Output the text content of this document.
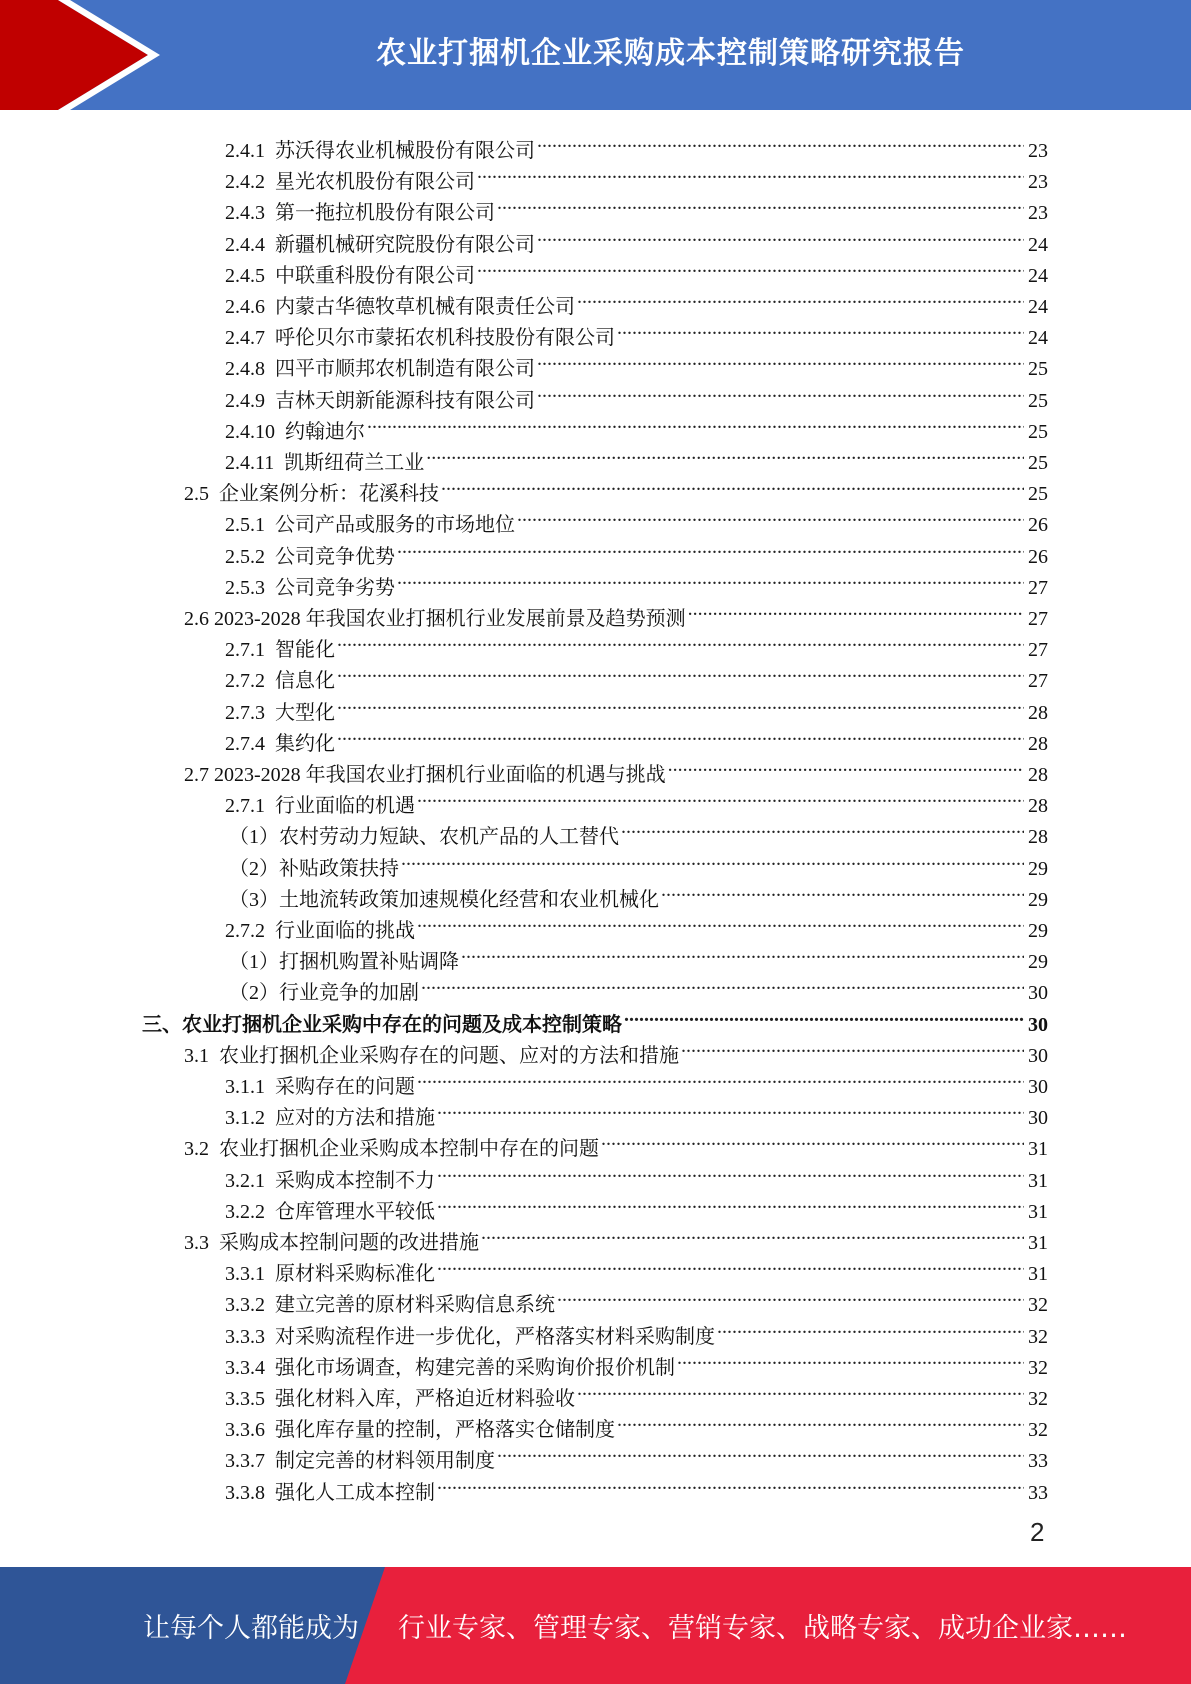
农业打捆机企业采购成本控制策略研究报告
2.4.1 苏沃得农业机械股份有限公司 .....	23
2.4.2 星光农机股份有限公司 .....	23
2.4.3 第一拖拉机股份有限公司 .....	23
2.4.4 新疆机械研究院股份有限公司 .....	24
2.4.5 中联重科股份有限公司 .....	24
2.4.6 内蒙古华德牧草机械有限责任公司 .....	24
2.4.7 呼伦贝尔市蒙拓农机科技股份有限公司 .....	24
2.4.8 四平市顺邦农机制造有限公司 .....	25
2.4.9 吉林天朗新能源科技有限公司 .....	25
2.4.10 约翰迪尔 .....	25
2.4.11 凯斯纽荷兰工业 .....	25
2.5 企业案例分析：花溪科技 .....	25
2.5.1 公司产品或服务的市场地位 .....	26
2.5.2 公司竞争优势 .....	26
2.5.3 公司竞争劣势 .....	27
2.6 2023-2028 年我国农业打捆机行业发展前景及趋势预测 .....	27
2.7.1 智能化 .....	27
2.7.2 信息化 .....	27
2.7.3 大型化 .....	28
2.7.4 集约化 .....	28
2.7 2023-2028 年我国农业打捆机行业面临的机遇与挑战 .....	28
2.7.1 行业面临的机遇 .....	28
（1） 农村劳动力短缺、农机产品的人工替代 .....	28
（2） 补贴政策扶持 .....	29
（3） 土地流转政策加速规模化经营和农业机械化 .....	29
2.7.2 行业面临的挑战 .....	29
（1） 打捆机购置补贴调降 .....	29
（2） 行业竞争的加剧 .....	30
三、 农业打捆机企业采购中存在的问题及成本控制策略 .....	30
3.1 农业打捆机企业采购存在的问题、应对的方法和措施 .....	30
3.1.1 采购存在的问题 .....	30
3.1.2 应对的方法和措施 .....	30
3.2 农业打捆机企业采购成本控制中存在的问题 .....	31
3.2.1 采购成本控制不力 .....	31
3.2.2 仓库管理水平较低 .....	31
3.3 采购成本控制问题的改进措施 .....	31
3.3.1 原材料采购标准化 .....	31
3.3.2 建立完善的原材料采购信息系统 .....	32
3.3.3 对采购流程作进一步优化，严格落实材料采购制度 .....	32
3.3.4 强化市场调查，构建完善的采购询价报价机制 .....	32
3.3.5 强化材料入库，严格迫近材料验收 .....	32
3.3.6 强化库存量的控制，严格落实仓储制度 .....	32
3.3.7 制定完善的材料领用制度 .....	33
3.3.8 强化人工成本控制 .....	33
2
让每个人都能成为 行业专家、管理专家、营销专家、战略专家、成功企业家……
